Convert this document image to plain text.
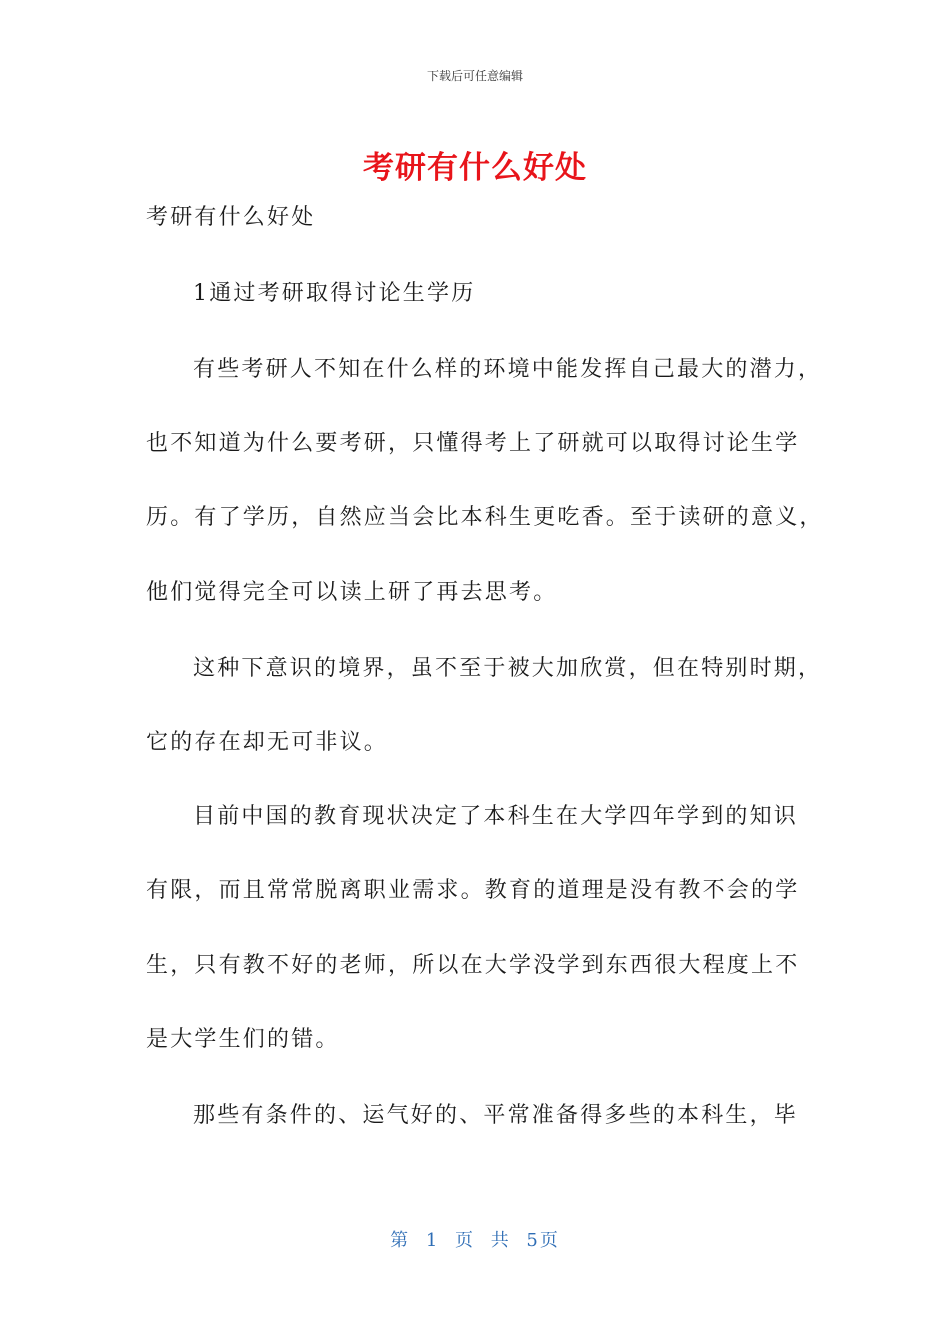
下载后可任意编辑
考研有什么好处
考研有什么好处
1通过考研取得讨论生学历
有些考研人不知在什么样的环境中能发挥自己最大的潜力，
也不知道为什么要考研，只懂得考上了研就可以取得讨论生学
历。有了学历，自然应当会比本科生更吃香。至于读研的意义，
他们觉得完全可以读上研了再去思考。
这种下意识的境界，虽不至于被大加欣赏，但在特别时期，
它的存在却无可非议。
目前中国的教育现状决定了本科生在大学四年学到的知识
有限，而且常常脱离职业需求。教育的道理是没有教不会的学
生，只有教不好的老师，所以在大学没学到东西很大程度上不
是大学生们的错。
那些有条件的、运气好的、平常准备得多些的本科生，毕
第 1 页 共 5页
